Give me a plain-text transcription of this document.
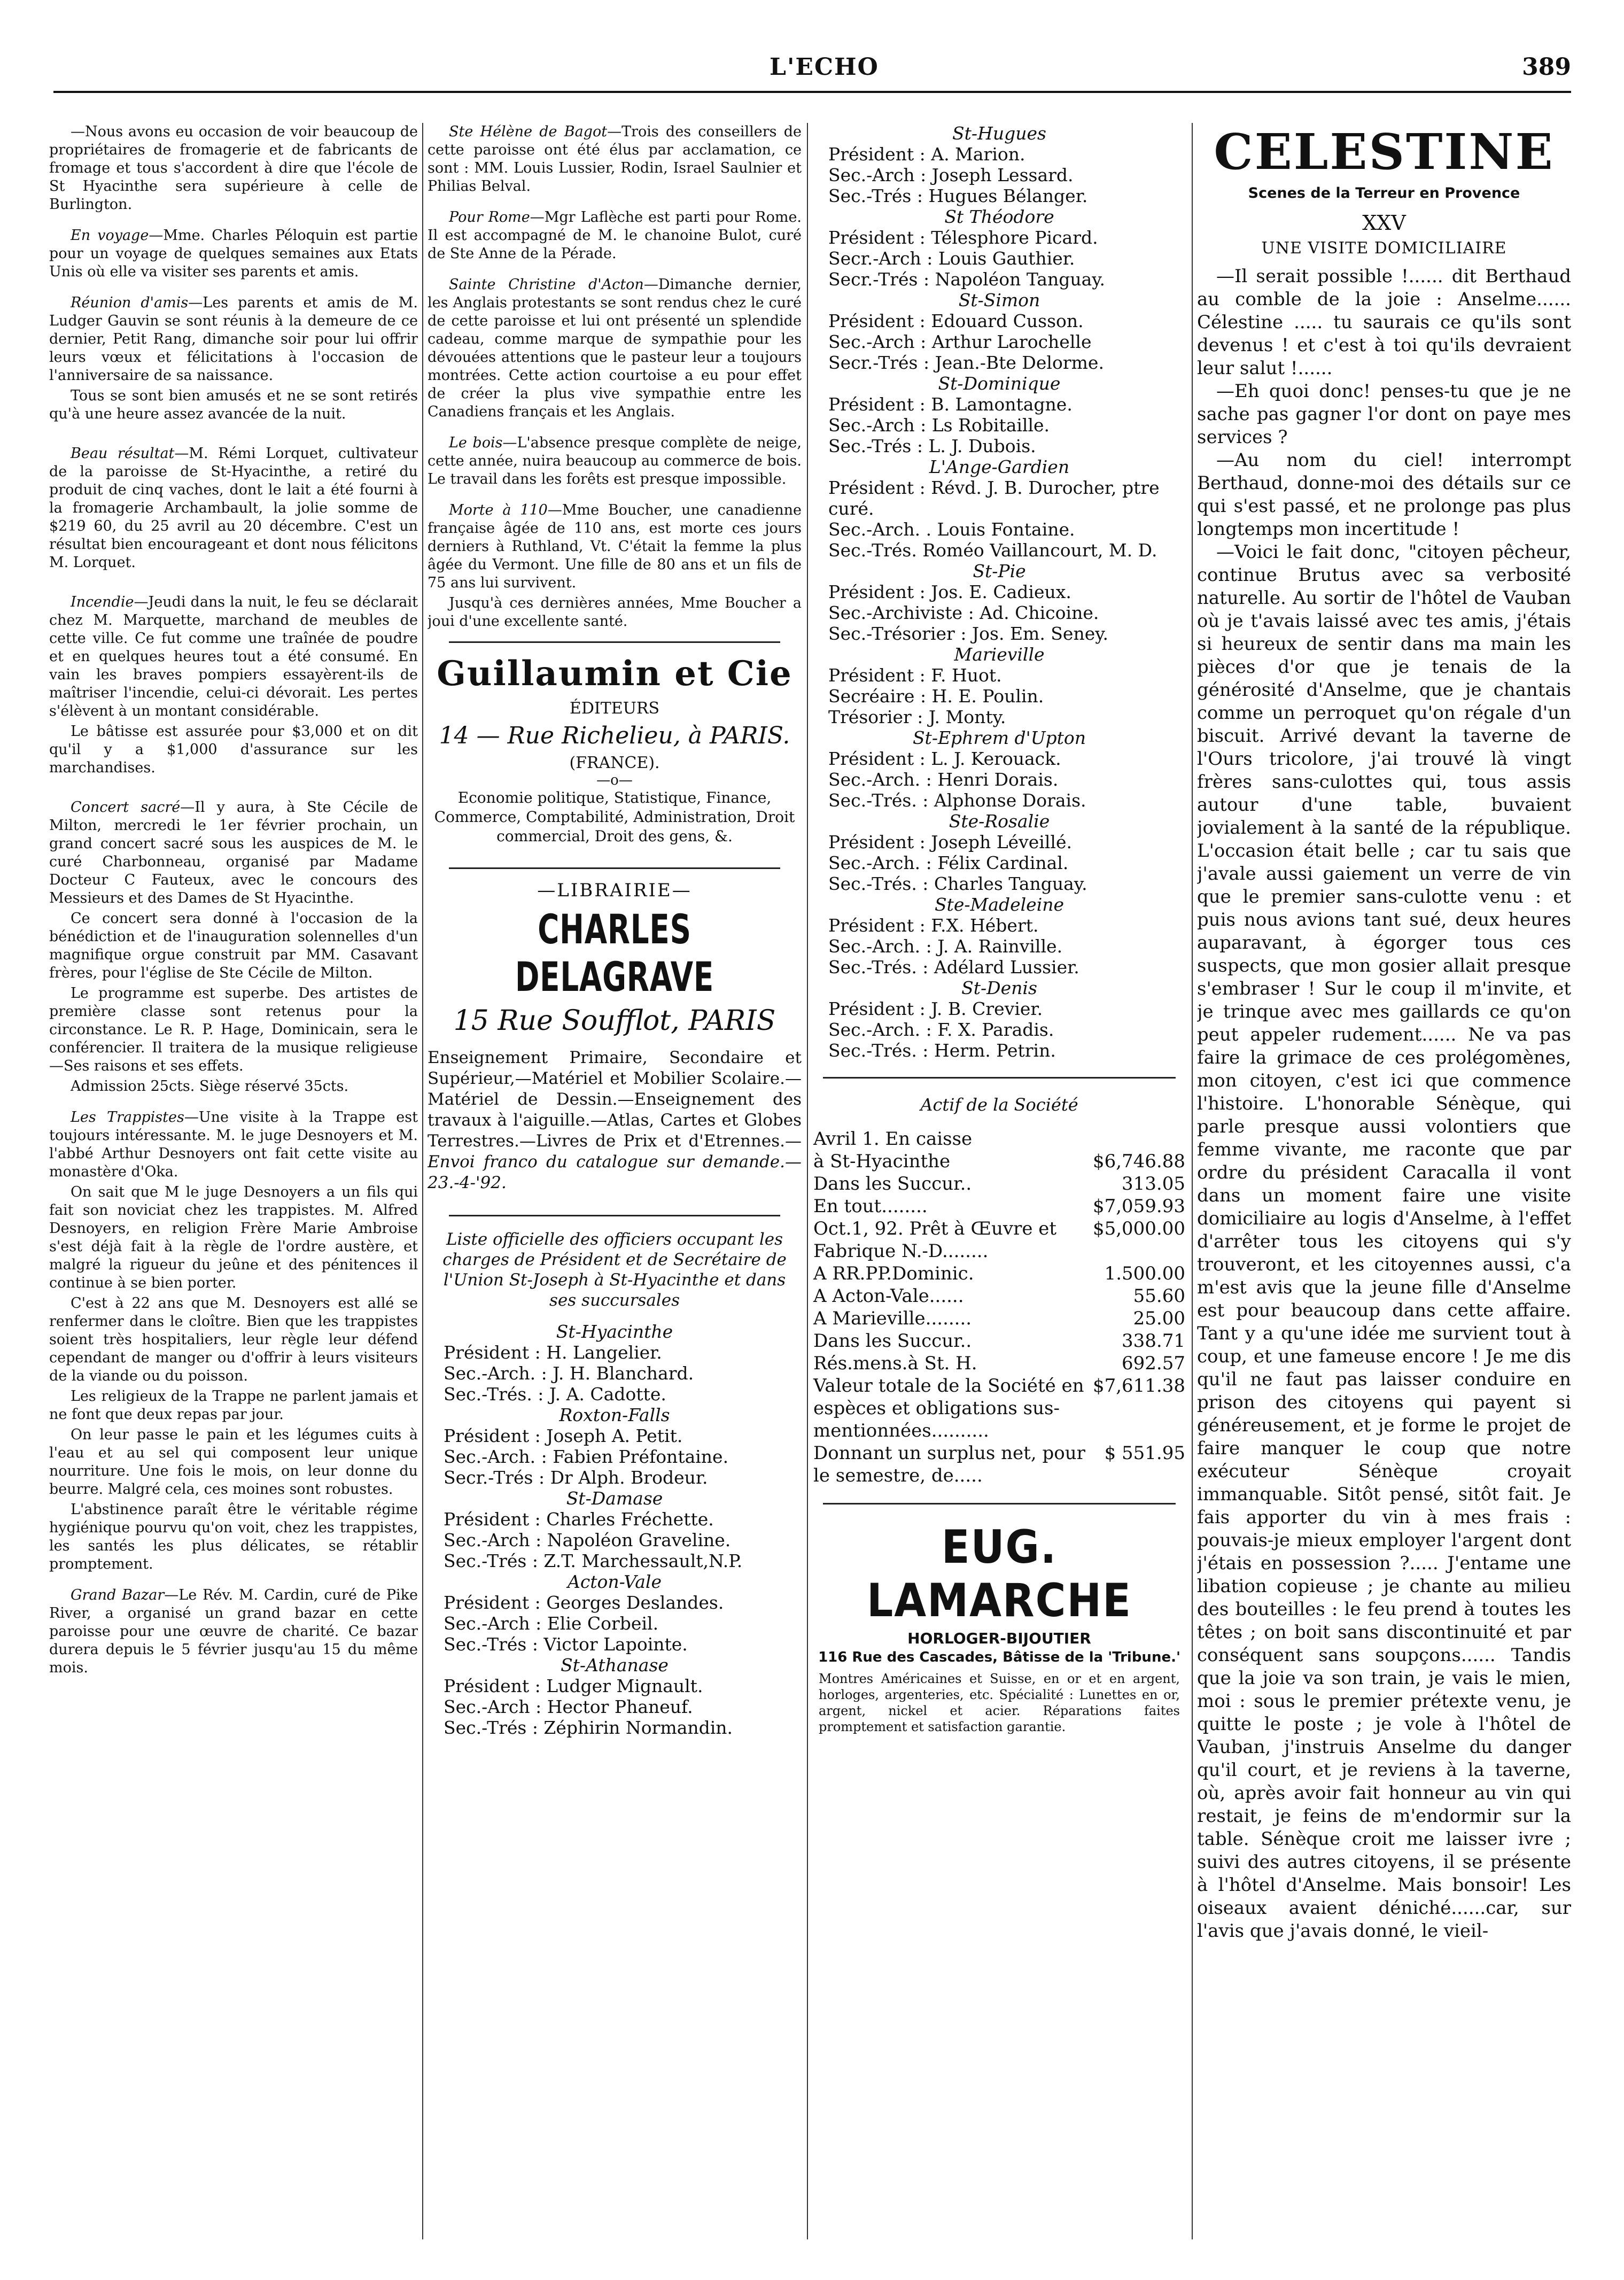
L'ECHO	389

—Nous avons eu occasion de voir beaucoup de propriétaires de fromagerie et de fabricants de fromage et tous s'accordent à dire que l'école de St Hyacinthe sera supérieure à celle de Burlington.

En voyage—Mme. Charles Péloquin est partie pour un voyage de quelques semaines aux Etats Unis où elle va visiter ses parents et amis.

Réunion d'amis—Les parents et amis de M. Ludger Gauvin se sont réunis à la demeure de ce dernier, Petit Rang, dimanche soir pour lui offrir leurs vœux et félicitations à l'occasion de l'anniversaire de sa naissance.

Tous se sont bien amusés et ne se sont retirés qu'à une heure assez avancée de la nuit.

Beau résultat—M. Rémi Lorquet, cultivateur de la paroisse de St-Hyacinthe, a retiré du produit de cinq vaches, dont le lait a été fourni à la fromagerie Archambault, la jolie somme de $219 60, du 25 avril au 20 décembre. C'est un résultat bien encourageant et dont nous félicitons M. Lorquet.

Incendie—Jeudi dans la nuit, le feu se déclarait chez M. Marquette, marchand de meubles de cette ville. Ce fut comme une traînée de poudre et en quelques heures tout a été consumé. En vain les braves pompiers essayèrent-ils de maîtriser l'incendie, celui-ci dévorait. Les pertes s'élèvent à un montant considérable.

Le bâtisse est assurée pour $3,000 et on dit qu'il y a $1,000 d'assurance sur les marchandises.

Concert sacré—Il y aura, à Ste Cécile de Milton, mercredi le 1er février prochain, un grand concert sacré sous les auspices de M. le curé Charbonneau, organisé par Madame Docteur C Fauteux, avec le concours des Messieurs et des Dames de St Hyacinthe.

Ce concert sera donné à l'occasion de la bénédiction et de l'inauguration solennelles d'un magnifique orgue construit par MM. Casavant frères, pour l'église de Ste Cécile de Milton.

Le programme est superbe. Des artistes de première classe sont retenus pour la circonstance. Le R. P. Hage, Dominicain, sera le conférencier. Il traitera de la musique religieuse—Ses raisons et ses effets.

Admission 25cts. Siège réservé 35cts.

Les Trappistes—Une visite à la Trappe est toujours intéressante. M. le juge Desnoyers et M. l'abbé Arthur Desnoyers ont fait cette visite au monastère d'Oka.

On sait que M le juge Desnoyers a un fils qui fait son noviciat chez les trappistes. M. Alfred Desnoyers, en religion Frère Marie Ambroise s'est déjà fait à la règle de l'ordre austère, et malgré la rigueur du jeûne et des pénitences il continue à se bien porter.

C'est à 22 ans que M. Desnoyers est allé se renfermer dans le cloître. Bien que les trappistes soient très hospitaliers, leur règle leur défend cependant de manger ou d'offrir à leurs visiteurs de la viande ou du poisson.

Les religieux de la Trappe ne parlent jamais et ne font que deux repas par jour.

On leur passe le pain et les légumes cuits à l'eau et au sel qui composent leur unique nourriture. Une fois le mois, on leur donne du beurre. Malgré cela, ces moines sont robustes.

L'abstinence paraît être le véritable régime hygiénique pourvu qu'on voit, chez les trappistes, les santés les plus délicates, se rétablir promptement.

Grand Bazar—Le Rév. M. Cardin, curé de Pike River, a organisé un grand bazar en cette paroisse pour une œuvre de charité. Ce bazar durera depuis le 5 février jusqu'au 15 du même mois.

Ste Hélène de Bagot—Trois des conseillers de cette paroisse ont été élus par acclamation, ce sont : MM. Louis Lussier, Rodin, Israel Saulnier et Philias Belval.

Pour Rome—Mgr Laflèche est parti pour Rome. Il est accompagné de M. le chanoine Bulot, curé de Ste Anne de la Pérade.

Sainte Christine d'Acton—Dimanche dernier, les Anglais protestants se sont rendus chez le curé de cette paroisse et lui ont présenté un splendide cadeau, comme marque de sympathie pour les dévouées attentions que le pasteur leur a toujours montrées. Cette action courtoise a eu pour effet de créer la plus vive sympathie entre les Canadiens français et les Anglais.

Le bois—L'absence presque complète de neige, cette année, nuira beaucoup au commerce de bois. Le travail dans les forêts est presque impossible.

Morte à 110—Mme Boucher, une canadienne française âgée de 110 ans, est morte ces jours derniers à Ruthland, Vt. C'était la femme la plus âgée du Vermont. Une fille de 80 ans et un fils de 75 ans lui survivent.

Jusqu'à ces dernières années, Mme Boucher a joui d'une excellente santé.

Guillaumin et Cie
ÉDITEURS
14 — Rue Richelieu, à PARIS.
(FRANCE).
—o—
Economie politique, Statistique, Finance, Commerce, Comptabilité, Administration, Droit commercial, Droit des gens, &.
—LIBRAIRIE—
CHARLES DELAGRAVE
15 Rue Soufflot, PARIS
Enseignement Primaire, Secondaire et Supérieur,—Matériel et Mobilier Scolaire.—Matériel de Dessin.—Enseignement des travaux à l'aiguille.—Atlas, Cartes et Globes Terrestres.—Livres de Prix et d'Etrennes.—Envoi franco du catalogue sur demande.—23.-4-'92.
Liste officielle des officiers occupant les charges de Président et de Secrétaire de l'Union St-Joseph à St-Hyacinthe et dans ses succursales
St-Hyacinthe
Président : H. Langelier.
Sec.-Arch. : J. H. Blanchard.
Sec.-Trés. : J. A. Cadotte.
Roxton-Falls
Président : Joseph A. Petit.
Sec.-Arch. : Fabien Préfontaine.
Secr.-Trés : Dr Alph. Brodeur.
St-Damase
Président : Charles Fréchette.
Sec.-Arch : Napoléon Graveline.
Sec.-Trés : Z.T. Marchessault,N.P.
Acton-Vale
Président : Georges Deslandes.
Sec.-Arch : Elie Corbeil.
Sec.-Trés : Victor Lapointe.
St-Athanase
Président : Ludger Mignault.
Sec.-Arch : Hector Phaneuf.
Sec.-Trés : Zéphirin Normandin.
St-Hugues
Président : A. Marion.
Sec.-Arch : Joseph Lessard.
Sec.-Trés : Hugues Bélanger.
St Théodore
Président : Télesphore Picard.
Secr.-Arch : Louis Gauthier.
Secr.-Trés : Napoléon Tanguay.
St-Simon
Président : Edouard Cusson.
Sec.-Arch : Arthur Larochelle
Secr.-Trés : Jean.-Bte Delorme.
St-Dominique
Président : B. Lamontagne.
Sec.-Arch : Ls Robitaille.
Sec.-Trés : L. J. Dubois.
L'Ange-Gardien
Président : Révd. J. B. Durocher, ptre curé.
Sec.-Arch. . Louis Fontaine.
Sec.-Trés. Roméo Vaillancourt, M. D.
St-Pie
Président : Jos. E. Cadieux.
Sec.-Archiviste : Ad. Chicoine.
Sec.-Trésorier : Jos. Em. Seney.
Marieville
Président : F. Huot.
Secréaire : H. E. Poulin.
Trésorier : J. Monty.
St-Ephrem d'Upton
Président : L. J. Kerouack.
Sec.-Arch. : Henri Dorais.
Sec.-Trés. : Alphonse Dorais.
Ste-Rosalie
Président : Joseph Léveillé.
Sec.-Arch. : Félix Cardinal.
Sec.-Trés. : Charles Tanguay.
Ste-Madeleine
Président : F.X. Hébert.
Sec.-Arch. : J. A. Rainville.
Sec.-Trés. : Adélard Lussier.
St-Denis
Président : J. B. Crevier.
Sec.-Arch. : F. X. Paradis.
Sec.-Trés. : Herm. Petrin.
Actif de la Société
Avril 1. En caisse	
à St-Hyacinthe	$6,746.88
Dans les Succur..	313.05
En tout........	$7,059.93
Oct.1, 92. Prêt à Œuvre et Fabrique N.-D........	$5,000.00
A RR.PP.Dominic.	1.500.00
A Acton-Vale......	55.60
A Marieville........	25.00
Dans les Succur..	338.71
Rés.mens.à St. H.	692.57
Valeur totale de la Société en espèces et obligations sus-mentionnées..........	$7,611.38
Donnant un surplus net, pour le semestre, de.....	$ 551.95
EUG. LAMARCHE
HORLOGER-BIJOUTIER
116 Rue des Cascades, Bâtisse de la 'Tribune.'
Montres Américaines et Suisse, en or et en argent, horloges, argenteries, etc. Spécialité : Lunettes en or, argent, nickel et acier. Réparations faites promptement et satisfaction garantie.
CELESTINE
Scenes de la Terreur en Provence
XXV
UNE VISITE DOMICILIAIRE

—Il serait possible !...... dit Berthaud au comble de la joie : Anselme...... Célestine ..... tu saurais ce qu'ils sont devenus ! et c'est à toi qu'ils devraient leur salut !......

—Eh quoi donc! penses-tu que je ne sache pas gagner l'or dont on paye mes services ?

—Au nom du ciel! interrompt Berthaud, donne-moi des détails sur ce qui s'est passé, et ne prolonge pas plus longtemps mon incertitude !

—Voici le fait donc, "citoyen pêcheur, continue Brutus avec sa verbosité naturelle. Au sortir de l'hôtel de Vauban où je t'avais laissé avec tes amis, j'étais si heureux de sentir dans ma main les pièces d'or que je tenais de la générosité d'Anselme, que je chantais comme un perroquet qu'on régale d'un biscuit. Arrivé devant la taverne de l'Ours tricolore, j'ai trouvé là vingt frères sans-culottes qui, tous assis autour d'une table, buvaient jovialement à la santé de la république. L'occasion était belle ; car tu sais que j'avale aussi gaiement un verre de vin que le premier sans-culotte venu : et puis nous avions tant sué, deux heures auparavant, à égorger tous ces suspects, que mon gosier allait presque s'embraser ! Sur le coup il m'invite, et je trinque avec mes gaillards ce qu'on peut appeler rudement...... Ne va pas faire la grimace de ces prolégomènes, mon citoyen, c'est ici que commence l'histoire. L'honorable Sénèque, qui parle presque aussi volontiers que femme vivante, me raconte que par ordre du président Caracalla il vont dans un moment faire une visite domiciliaire au logis d'Anselme, à l'effet d'arrêter tous les citoyens qui s'y trouveront, et les citoyennes aussi, c'a m'est avis que la jeune fille d'Anselme est pour beaucoup dans cette affaire. Tant y a qu'une idée me survient tout à coup, et une fameuse encore ! Je me dis qu'il ne faut pas laisser conduire en prison des citoyens qui payent si généreusement, et je forme le projet de faire manquer le coup que notre exécuteur Sénèque croyait immanquable. Sitôt pensé, sitôt fait. Je fais apporter du vin à mes frais : pouvais-je mieux employer l'argent dont j'étais en possession ?..... J'entame une libation copieuse ; je chante au milieu des bouteilles : le feu prend à toutes les têtes ; on boit sans discontinuité et par conséquent sans soupçons...... Tandis que la joie va son train, je vais le mien, moi : sous le premier prétexte venu, je quitte le poste ; je vole à l'hôtel de Vauban, j'instruis Anselme du danger qu'il court, et je reviens à la taverne, où, après avoir fait honneur au vin qui restait, je feins de m'endormir sur la table. Sénèque croit me laisser ivre ; suivi des autres citoyens, il se présente à l'hôtel d'Anselme. Mais bonsoir! Les oiseaux avaient déniché......car, sur l'avis que j'avais donné, le vieil-
